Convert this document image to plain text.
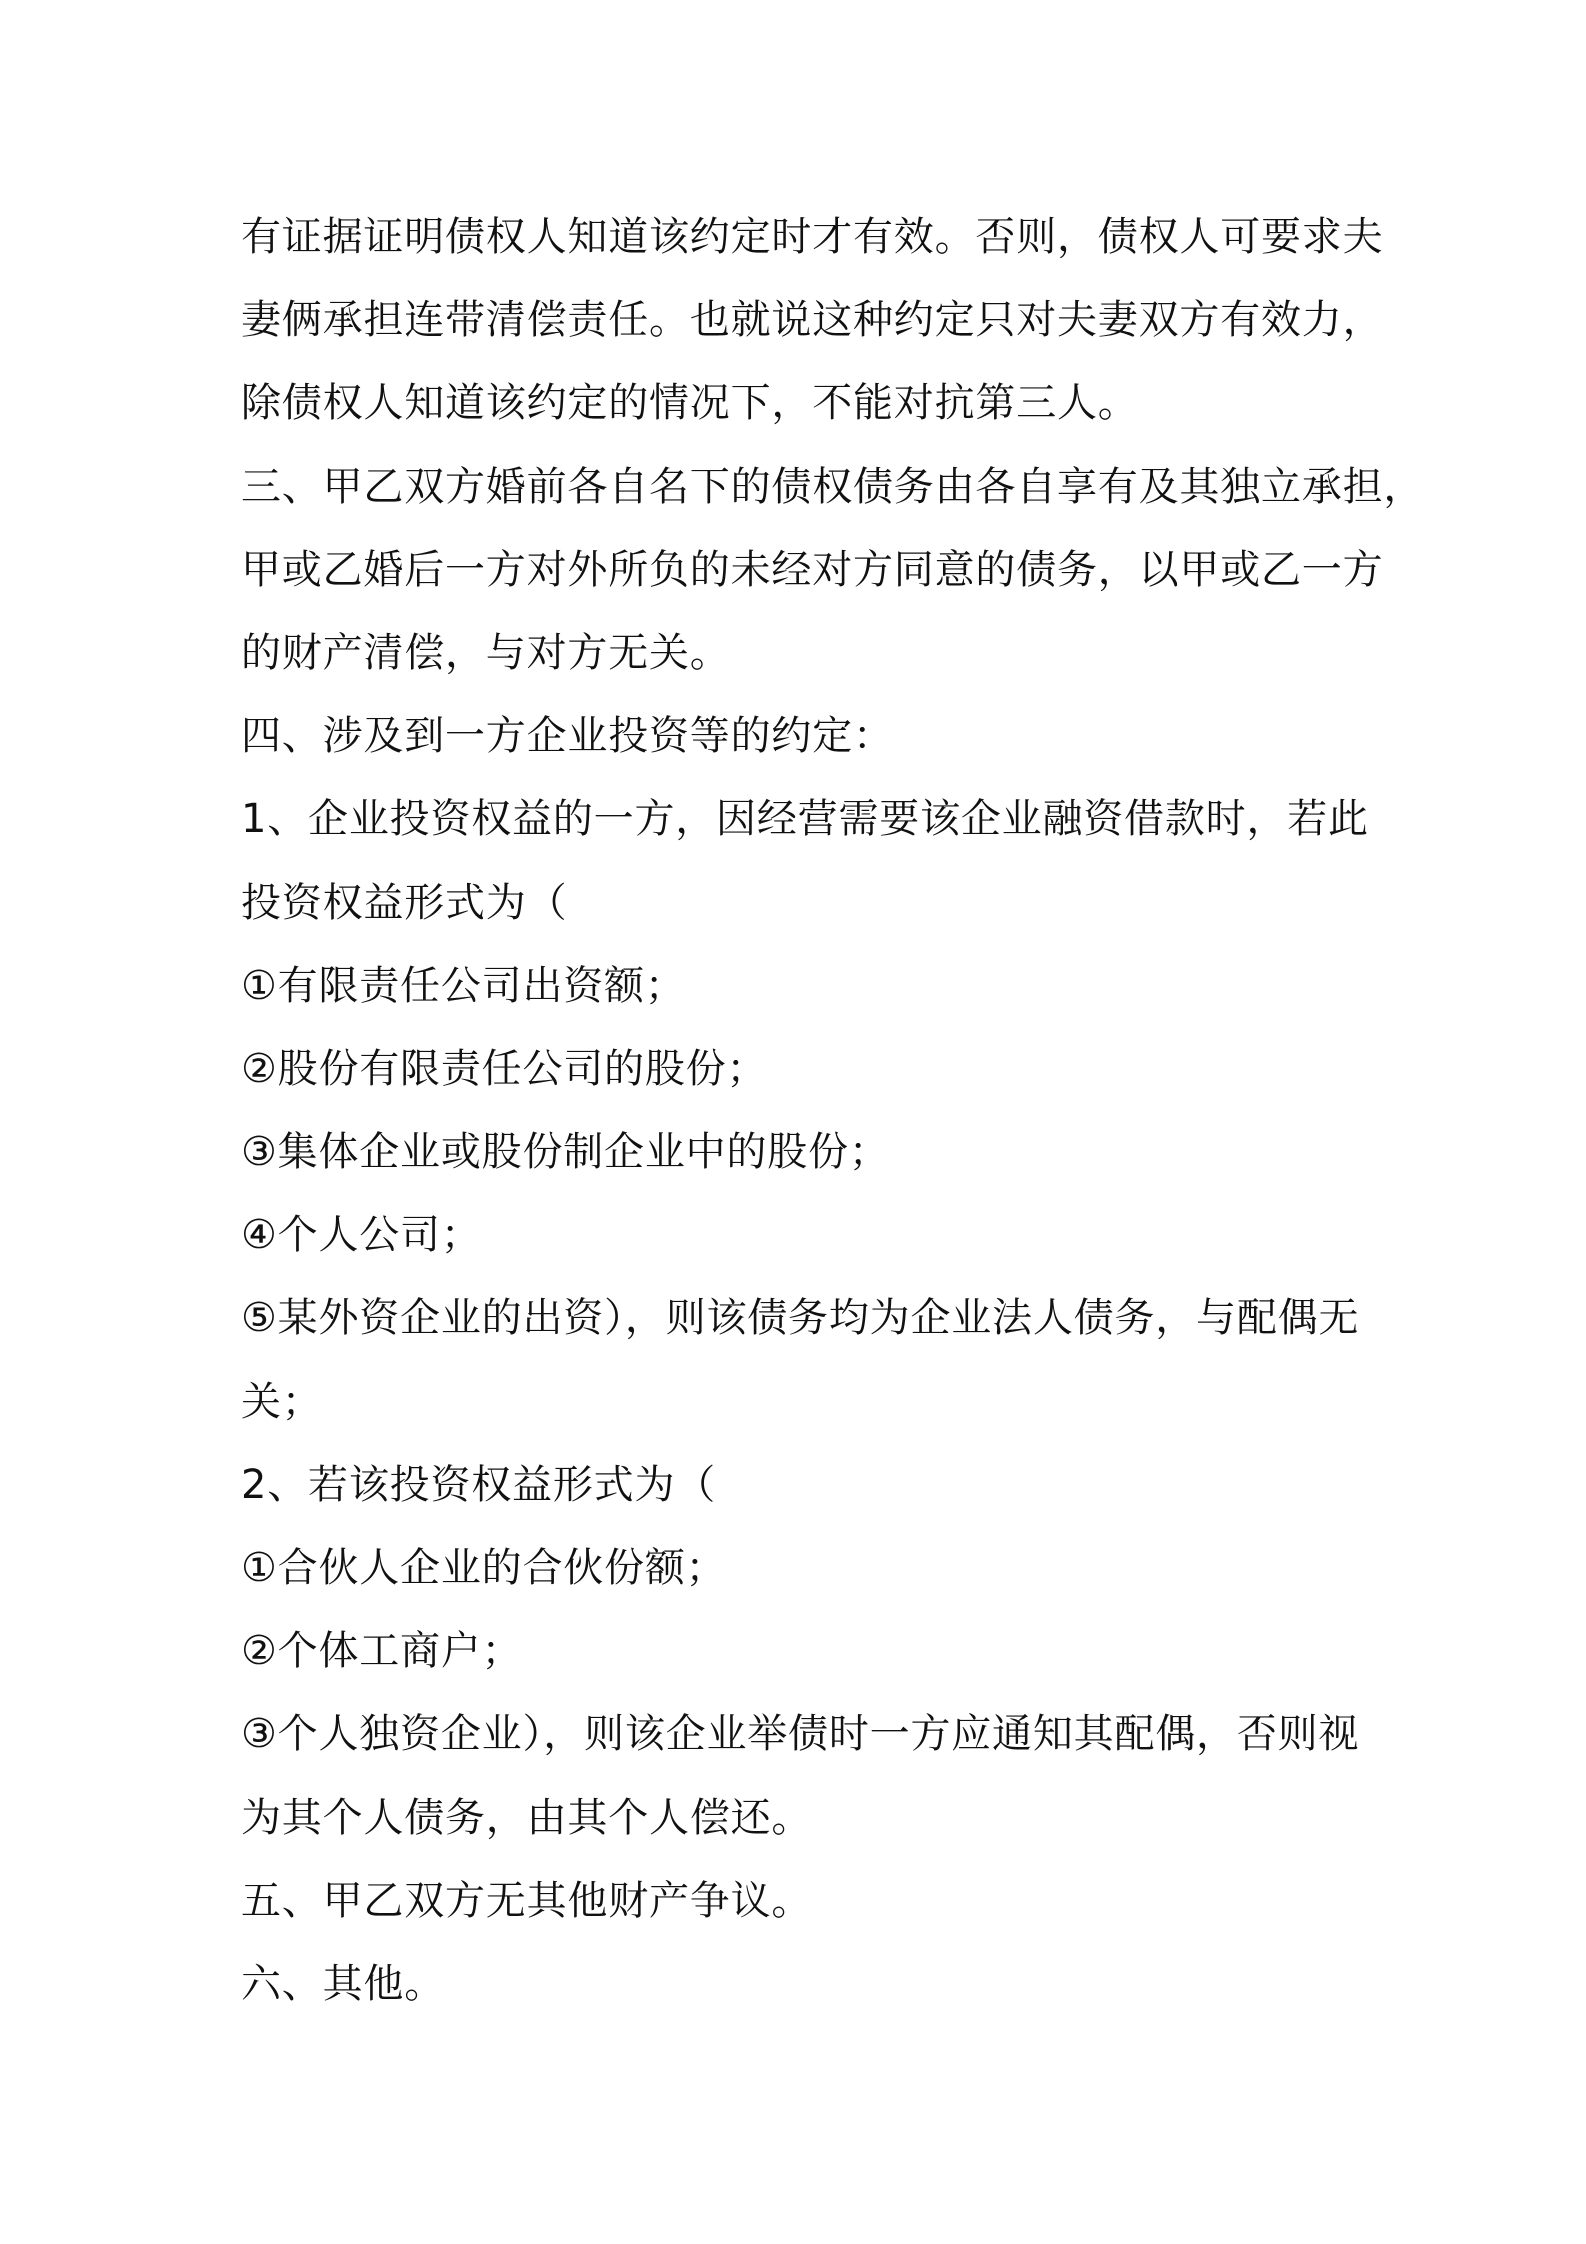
有证据证明债权人知道该约定时才有效。否则，债权人可要求夫
妻俩承担连带清偿责任。也就说这种约定只对夫妻双方有效力，
除债权人知道该约定的情况下，不能对抗第三人。
三、甲乙双方婚前各自名下的债权债务由各自享有及其独立承担，
甲或乙婚后一方对外所负的未经对方同意的债务，以甲或乙一方
的财产清偿，与对方无关。
四、涉及到一方企业投资等的约定：
1、企业投资权益的一方，因经营需要该企业融资借款时，若此
投资权益形式为（
①有限责任公司出资额；
②股份有限责任公司的股份；
③集体企业或股份制企业中的股份；
④个人公司；
⑤某外资企业的出资），则该债务均为企业法人债务，与配偶无
关；
2、若该投资权益形式为（
①合伙人企业的合伙份额；
②个体工商户；
③个人独资企业），则该企业举债时一方应通知其配偶，否则视
为其个人债务，由其个人偿还。
五、甲乙双方无其他财产争议。
六、其他。
